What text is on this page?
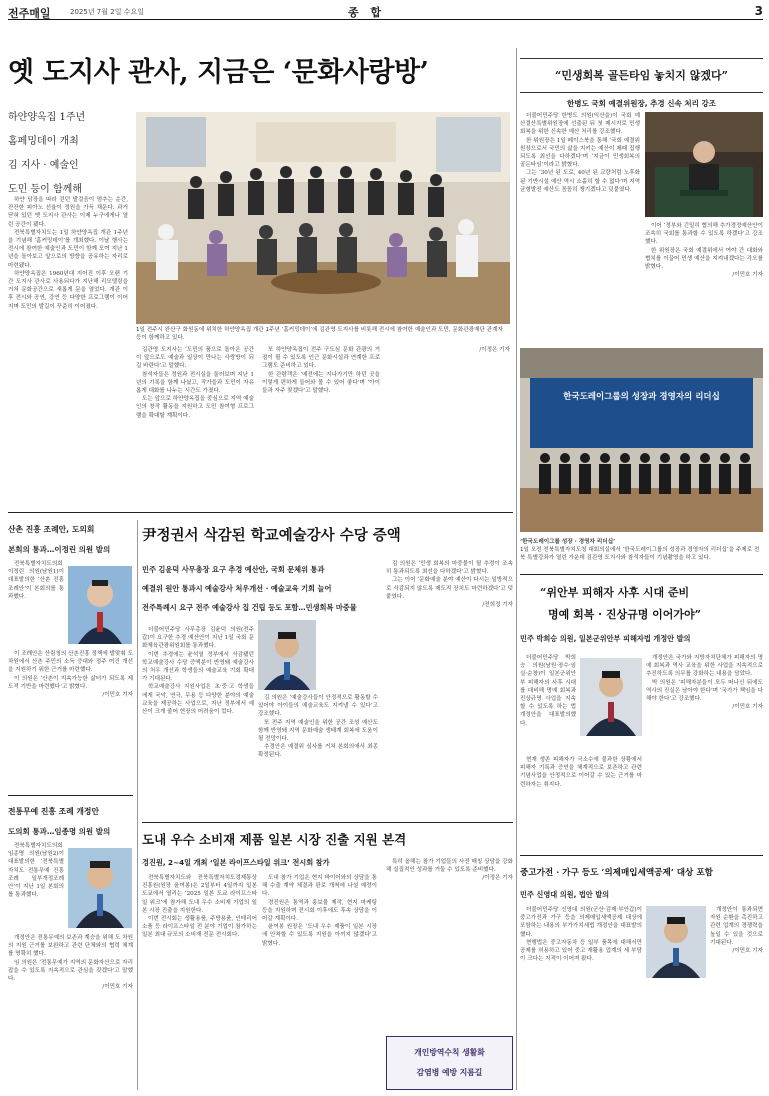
전주매일	2025년 7월 2일 수요일	종 합	3
옛 도지사 관사, 지금은 ‘문화사랑방’
하얀양옥집 1주년
홈페밍데이 개최
김 지사 · 예술인
도민 등이 함께해

하얀 담장을 따라 걷던 발걸음이 멈추는 순간, 잔잔한 피아노 선율이 정원을 가득 채운다. 과거 닫혀 있던 옛 도지사 관사는 이제 누구에게나 열린 공간이 됐다.

전북특별자치도는 1일 하얀양옥집 개관 1주년을 기념해 ‘홈커밍데이’를 개최했다. 이날 행사는 전시에 참여한 예술인과 도민이 함께 모여 지난 1년을 돌아보고 앞으로의 방향을 공유하는 자리로 마련됐다.

하얀양옥집은 1960년대 지어진 이후 오랜 기간 도지사 관사로 사용되다가 지난해 리모델링을 거쳐 문화공간으로 새롭게 문을 열었다. 개관 이후 전시와 공연, 강연 등 다양한 프로그램이 이어지며 도민의 발길이 꾸준히 이어졌다.

1일 전주시 완산구 화원동에 위치한 하얀양옥집 개관 1주년 ‘홈커밍데이’에 김관영 도지사를 비롯해 전시에 참여한 예술인과 도민, 문화관광재단 관계자 등이 함께하고 있다.

김관영 도지사는 ‘도민의 품으로 돌아온 공간이 앞으로도 예술과 일상이 만나는 사랑방이 되길 바란다’고 말했다.

참석자들은 정원과 전시실을 둘러보며 지난 1년의 기록을 함께 나눴고, 작가들과 도민이 자유롭게 대화를 나누는 시간도 가졌다.

도는 앞으로 하얀양옥집을 중심으로 지역 예술인의 창작 활동을 지원하고 도민 참여형 프로그램을 확대할 계획이다.

또 하얀양옥집이 전주 구도심 문화 관광의 거점이 될 수 있도록 인근 문화시설과 연계한 프로그램도 준비하고 있다.

한 관람객은 ‘예전에는 지나가기만 하던 곳을 이렇게 편하게 들어와 볼 수 있어 좋다’며 ‘아이들과 자주 찾겠다’고 말했다.

/이정은 기자

“민생회복 골든타임 놓치지 않겠다”
한병도 국회 예결위원장, 추경 신속 처리 강조

더불어민주당 한병도 의원(익산을)이 국회 예산결산특별위원장에 선출된 뒤 첫 메시지로 민생 회복을 위한 신속한 예산 처리를 강조했다.

한 위원장은 1일 페이스북을 통해 ‘국회 예결위원장으로서 국민의 삶을 지키는 예산이 제때 집행되도록 최선을 다하겠다’며 ‘지금이 민생회복의 골든타임’이라고 밝혔다.

그는 ‘30년 된 도로, 40년 된 교량처럼 노후화된 기반시설 예산 역시 소홀히 할 수 없다’며 지역 균형발전 예산도 꼼꼼히 챙기겠다고 덧붙였다.

이어 ‘정부와 긴밀히 협의해 추가경정예산안이 조속히 국회를 통과할 수 있도록 하겠다’고 강조했다.

한 위원장은 국회 예결위에서 여야 간 대화와 협치를 이끌어 민생 예산을 지켜내겠다는 각오를 밝혔다.

/이민호 기자

한국도레이그룹의 성장과 경영자의 리더십
‘한국도레이그룹 성장 · 경영자 리더십’
1일 오전 전북특별자치도청 대회의실에서 ‘한국도레이그룹의 성장과 경영자의 리더십’을 주제로 전북 특별강좌가 열린 가운데 김관영 도지사와 참석자들이 기념촬영을 하고 있다.
산촌 진흥 조례안, 도의회
본회의 통과…이정린 의원 발의

전북특별자치도의회 이정린 의원(남원1)이 대표발의한 ‘산촌 진흥 조례안’이 본회의를 통과했다.

이 조례안은 산림청의 산촌진흥 정책에 발맞춰 도 차원에서 산촌 주민의 소득 증대와 정주 여건 개선을 지원하기 위한 근거를 마련했다.

이 의원은 ‘산촌이 지속가능한 삶터가 되도록 제도적 기반을 마련했다’고 밝혔다.

/이민호 기자

전통무예 진흥 조례 개정안
도의회 통과…임종명 의원 발의

전북특별자치도의회 임종명 의원(남원2)이 대표발의한 ‘전북특별자치도 전통무예 진흥 조례 일부개정조례안’이 지난 1일 본회의를 통과했다.

개정안은 전통무예의 보존과 계승을 위해 도 차원의 지원 근거를 보완하고 관련 단체와의 협력 체계를 명확히 했다.

임 의원은 ‘전통무예가 지역의 문화자산으로 자리 잡을 수 있도록 지속적으로 관심을 갖겠다’고 말했다.

/이민호 기자

尹정권서 삭감된 학교예술강사 수당 증액
민주 김윤덕 사무총장 요구 추경 예산안, 국회 문체위 통과
예결위 원안 통과시 예술강사 처우개선 · 예술교육 기회 늘어
전주특례시 요구 전주 예술강사 집 건립 등도 포함…민생회복 마중물

더불어민주당 사무총장 김윤덕 의원(전주갑)이 요구한 추경 예산안이 지난 1일 국회 문화체육관광위원회를 통과했다.

이번 추경에는 윤석열 정부에서 삭감됐던 학교예술강사 수당 증액분이 반영돼 예술강사의 처우 개선과 학생들의 예술교육 기회 확대가 기대된다.

학교예술강사 지원사업은 초·중·고 학생들에게 국악, 연극, 무용 등 다양한 분야의 예술교육을 제공하는 사업으로, 지난 정부에서 예산이 크게 줄어 현장의 어려움이 컸다.

김 의원은 ‘예술강사들이 안정적으로 활동할 수 있어야 아이들의 예술교육도 지켜낼 수 있다’고 강조했다.

또 전주 지역 예술인을 위한 공간 조성 예산도 함께 반영돼 지역 문화예술 생태계 회복에 도움이 될 전망이다.

추경안은 예결위 심사를 거쳐 본회의에서 최종 확정된다.

김 의원은 ‘민생 회복의 마중물이 될 추경이 조속히 통과되도록 최선을 다하겠다’고 밝혔다.

그는 이어 ‘문화예술 분야 예산이 다시는 일방적으로 삭감되지 않도록 제도적 장치도 마련하겠다’고 덧붙였다.

/전희정 기자

도내 우수 소비재 제품 일본 시장 진출 지원 본격
경진원, 2~4일 개최 ‘일본 라이프스타일 위크’ 전시회 참가

전북특별자치도와 전북특별자치도경제통상진흥원(원장 윤여봉)은 2일부터 4일까지 일본 도쿄에서 열리는 ‘2025 일본 도쿄 라이프스타일 위크’에 참가해 도내 우수 소비재 기업의 일본 시장 진출을 지원한다.

이번 전시회는 생활용품, 주방용품, 인테리어 소품 등 라이프스타일 전 분야 기업이 참가하는 일본 최대 규모의 소비재 전문 전시회다.

도내 참가 기업은 현지 바이어와의 상담을 통해 수출 계약 체결과 판로 개척에 나설 예정이다.

경진원은 통역과 홍보물 제작, 현지 마케팅 등을 지원하며 전시회 이후에도 후속 상담을 이어갈 계획이다.

윤여봉 원장은 ‘도내 우수 제품이 일본 시장에 안착할 수 있도록 지원을 아끼지 않겠다’고 밝혔다.

특히 올해는 참가 기업들의 사전 매칭 상담을 강화해 실질적인 성과를 거둘 수 있도록 준비했다.

/이정은 기자

개인방역수칙 생활화
감염병 예방 지름길
“위안부 피해자 사후 시대 준비
명예 회복 · 진상규명 이어가야”
민주 박희승 의원, 일본군위안부 피해자법 개정안 발의

더불어민주당 박희승 의원(남원·장수·임실·순창)이 일본군위안부 피해자의 사후 시대를 대비해 명예 회복과 진상규명 사업을 지속할 수 있도록 하는 법 개정안을 대표발의했다.

현재 생존 피해자가 극소수에 불과한 상황에서 피해자 기록과 증언을 체계적으로 보존하고 관련 기념사업을 안정적으로 이어갈 수 있는 근거를 마련하자는 취지다.

개정안은 국가와 지방자치단체가 피해자의 명예 회복과 역사 교육을 위한 사업을 지속적으로 추진하도록 의무를 강화하는 내용을 담았다.

박 의원은 ‘피해자분들이 모두 떠나신 뒤에도 역사의 진실은 남아야 한다’며 ‘국가가 책임을 다해야 한다’고 강조했다.

/이민호 기자

중고가전 · 가구 등도 ‘의제매입세액공제’ 대상 포함
민주 신영대 의원, 법안 발의

더불어민주당 신영대 의원(군산·김제·부안갑)이 중고가전과 가구 등을 의제매입세액공제 대상에 포함하는 내용의 부가가치세법 개정안을 대표발의했다.

현행법은 중고자동차 등 일부 품목에 대해서만 공제를 허용하고 있어 중고 재활용 업계의 세 부담이 크다는 지적이 이어져 왔다.

개정안이 통과되면 자원 순환을 촉진하고 관련 업계의 경쟁력을 높일 수 있을 것으로 기대된다.

/이민호 기자
